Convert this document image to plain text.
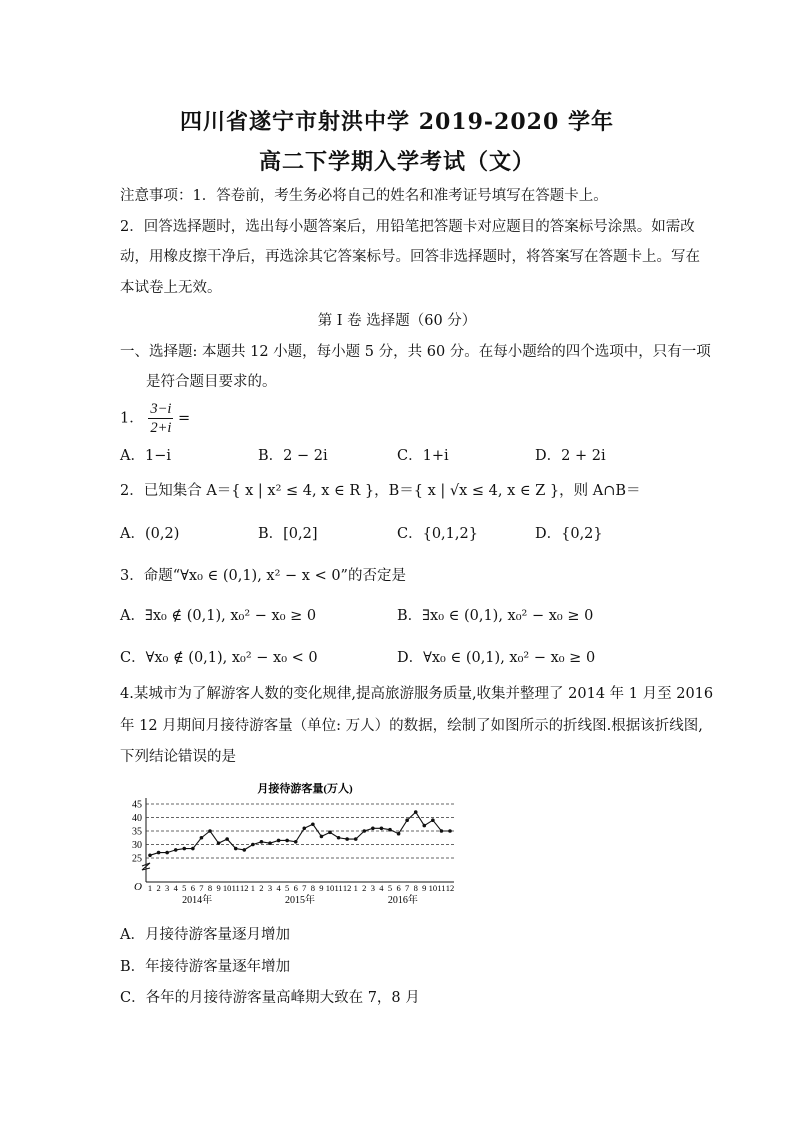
四川省遂宁市射洪中学 2019-2020 学年
高二下学期入学考试（文）
注意事项：1．答卷前，考生务必将自己的姓名和准考证号填写在答题卡上。
2．回答选择题时，选出每小题答案后，用铅笔把答题卡对应题目的答案标号涂黑。如需改
动，用橡皮擦干净后，再选涂其它答案标号。回答非选择题时，将答案写在答题卡上。写在
本试卷上无效。
第 I 卷 选择题（60 分）
一、选择题: 本题共 12 小题，每小题 5 分，共 60 分。在每小题给的四个选项中，只有一项
是符合题目要求的。
1． $\frac{3-i}{2+i}$ =
A．1−i	B．2 − 2i	C．1+i	D．2 + 2i
2．已知集合 A＝{ x | x² ≤ 4, x ∈ R }，B＝{ x | √x ≤ 4, x ∈ Z }，则 A∩B＝
A．(0,2)	B．[0,2]	C．{0,1,2}	D．{0,2}
3．命题“∀x₀ ∈ (0,1), x² − x < 0”的否定是
A．∃x₀ ∉ (0,1), x₀² − x₀ ≥ 0	B．∃x₀ ∈ (0,1), x₀² − x₀ ≥ 0
C．∀x₀ ∉ (0,1), x₀² − x₀ < 0	D．∀x₀ ∈ (0,1), x₀² − x₀ ≥ 0
4.某城市为了解游客人数的变化规律,提高旅游服务质量,收集并整理了 2014 年 1 月至 2016
年 12 月期间月接待游客量（单位: 万人）的数据，绘制了如图所示的折线图.根据该折线图,
下列结论错误的是
月接待游客量(万人)
25
30
35
40
45
O 1 2 3 4 5 6 7 8 9 10 11 12 1 2 3 4 5 6 7 8 9 10 11 12 1 2 3 4 5 6 7 8 9 10 11 12
2014年	2015年	2016年
A．月接待游客量逐月增加
B．年接待游客量逐年增加
C．各年的月接待游客量高峰期大致在 7，8 月
